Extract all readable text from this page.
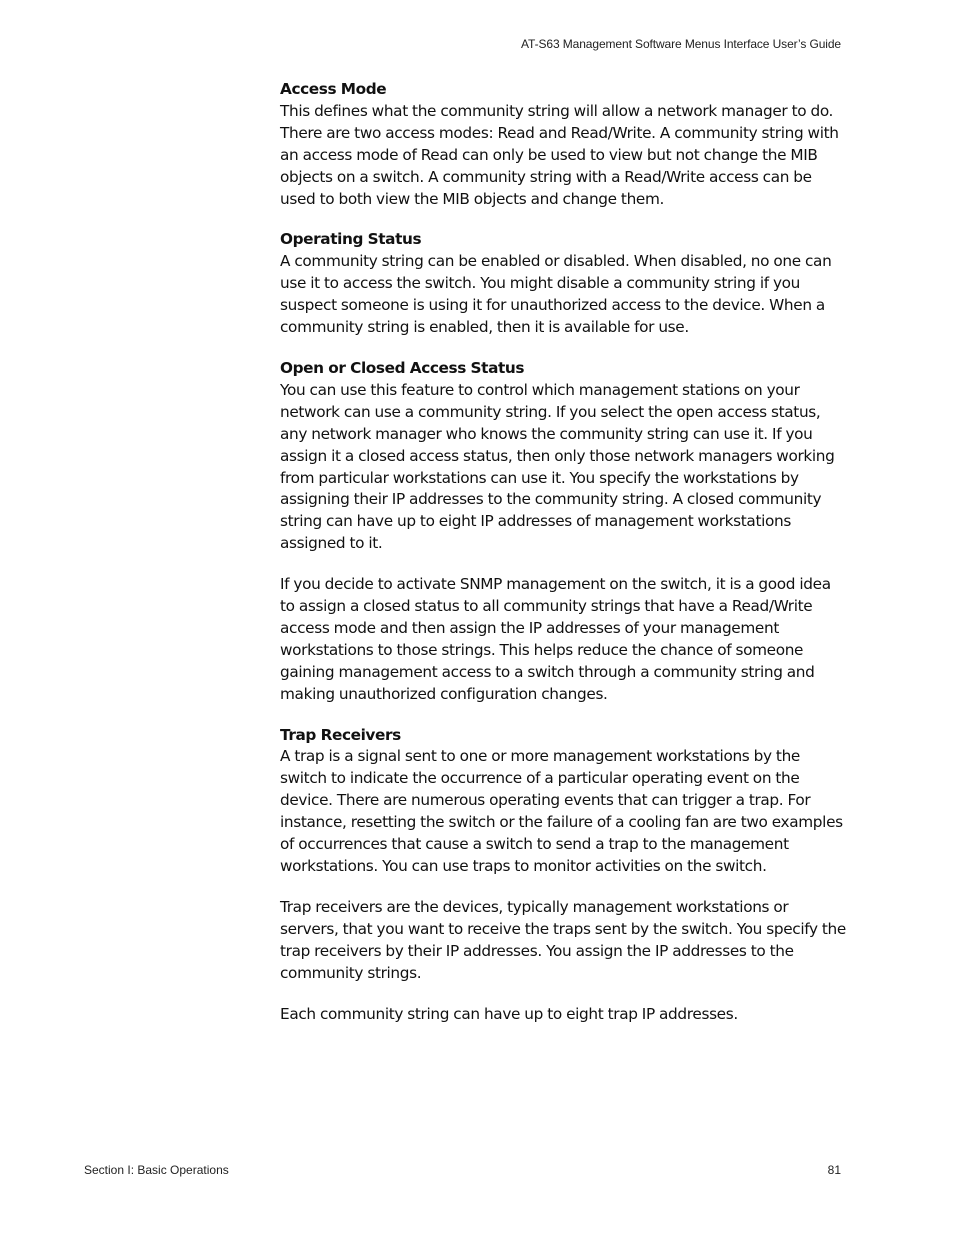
AT-S63 Management Software Menus Interface User’s Guide

Access Mode

This defines what the community string will allow a network manager to do. There are two access modes: Read and Read/Write. A community string with an access mode of Read can only be used to view but not change the MIB objects on a switch. A community string with a Read/Write access can be used to both view the MIB objects and change them.

Operating Status

A community string can be enabled or disabled. When disabled, no one can use it to access the switch. You might disable a community string if you suspect someone is using it for unauthorized access to the device. When a community string is enabled, then it is available for use.

Open or Closed Access Status

You can use this feature to control which management stations on your network can use a community string. If you select the open access status, any network manager who knows the community string can use it. If you assign it a closed access status, then only those network managers working from particular workstations can use it. You specify the workstations by assigning their IP addresses to the community string. A closed community string can have up to eight IP addresses of management workstations assigned to it.

If you decide to activate SNMP management on the switch, it is a good idea to assign a closed status to all community strings that have a Read/Write access mode and then assign the IP addresses of your management workstations to those strings. This helps reduce the chance of someone gaining management access to a switch through a community string and making unauthorized configuration changes.

Trap Receivers

A trap is a signal sent to one or more management workstations by the switch to indicate the occurrence of a particular operating event on the device. There are numerous operating events that can trigger a trap. For instance, resetting the switch or the failure of a cooling fan are two examples of occurrences that cause a switch to send a trap to the management workstations. You can use traps to monitor activities on the switch.

Trap receivers are the devices, typically management workstations or servers, that you want to receive the traps sent by the switch. You specify the trap receivers by their IP addresses. You assign the IP addresses to the community strings.

Each community string can have up to eight trap IP addresses.

Section I: Basic Operations	81
